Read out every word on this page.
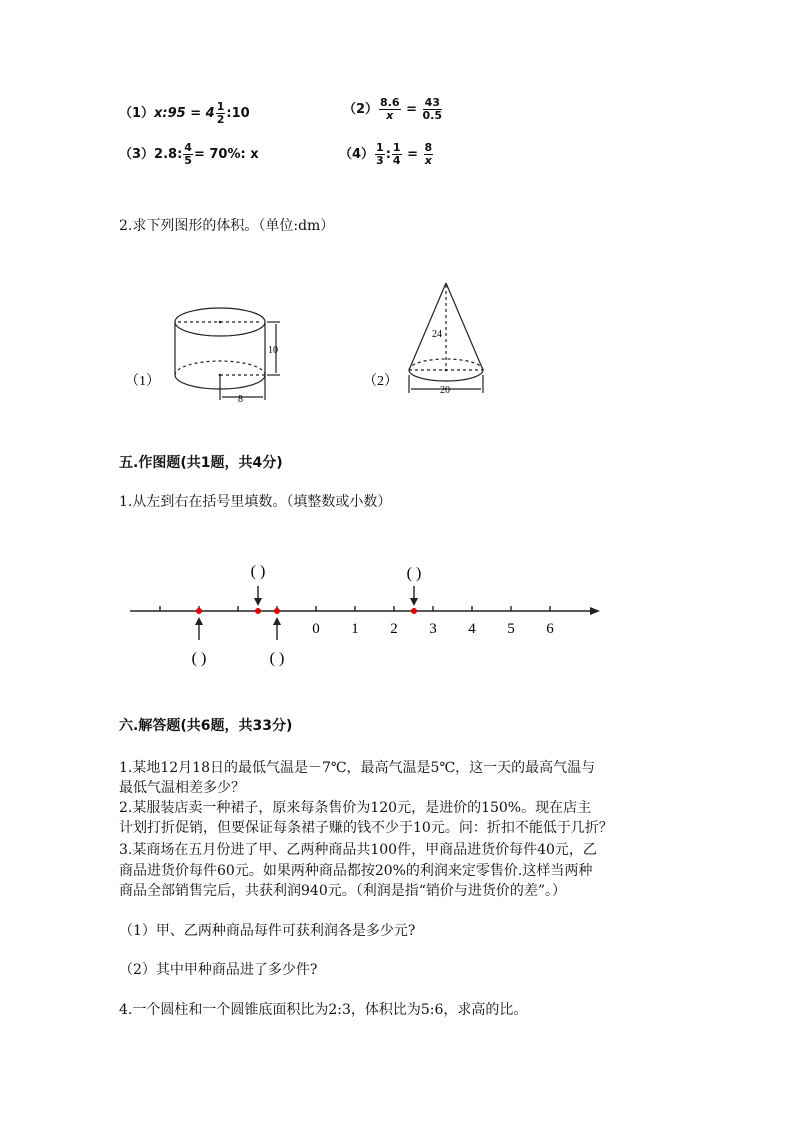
（1）x:95 = $4 \frac{1}{2}$ :10	$(2) \frac{8.6}{x} = \frac{43}{0.5}$
（3）2.8: $\frac{4}{5} = 70\%$: x	$(4) \frac{1}{3}$ : $\frac{1}{4} = \frac{8}{x}$
2.求下列图形的体积。（单位:dm）
（1）
10
8
（2）
24
20
五.作图题(共1题，共4分)
1.从左到右在括号里填数。（填整数或小数）
0 1 2 3 4 5 6
( )	( )
( )	( )
六.解答题(共6题，共33分)
1.某地12月18日的最低气温是－7℃，最高气温是5℃，这一天的最高气温与
最低气温相差多少？
2.某服装店卖一种裙子，原来每条售价为120元，是进价的150%。现在店主
计划打折促销，但要保证每条裙子赚的钱不少于10元。问：折扣不能低于几折？
3.某商场在五月份进了甲、乙两种商品共100件，甲商品进货价每件40元，乙
商品进货价每件60元。如果两种商品都按20%的利润来定零售价.这样当两种
商品全部销售完后，共获利润940元。（利润是指“销价与进货价的差”。）
（1）甲、乙两种商品每件可获利润各是多少元?
（2）其中甲种商品进了多少件?
4.一个圆柱和一个圆锥底面积比为2:3，体积比为5:6，求高的比。
